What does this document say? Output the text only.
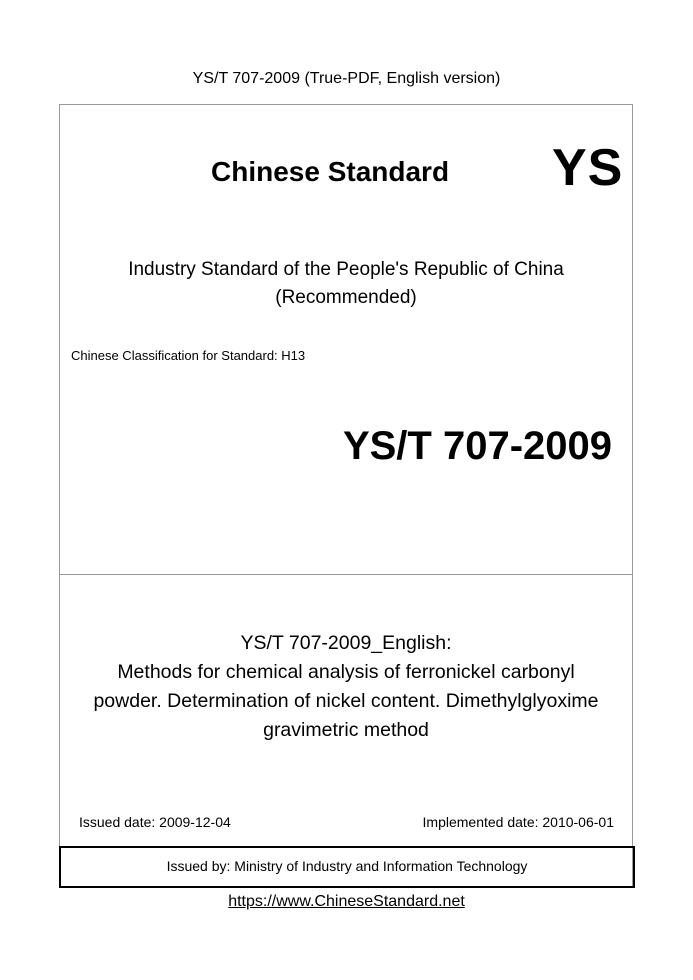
YS/T 707-2009 (True-PDF, English version)
Chinese Standard YS
Industry Standard of the People's Republic of China
(Recommended)
Chinese Classification for Standard: H13
YS/T 707-2009
YS/T 707-2009_English:
Methods for chemical analysis of ferronickel carbonyl
powder. Determination of nickel content. Dimethylglyoxime
gravimetric method
Issued date: 2009-12-04	Implemented date: 2010-06-01
Issued by: Ministry of Industry and Information Technology
https://www.ChineseStandard.net
